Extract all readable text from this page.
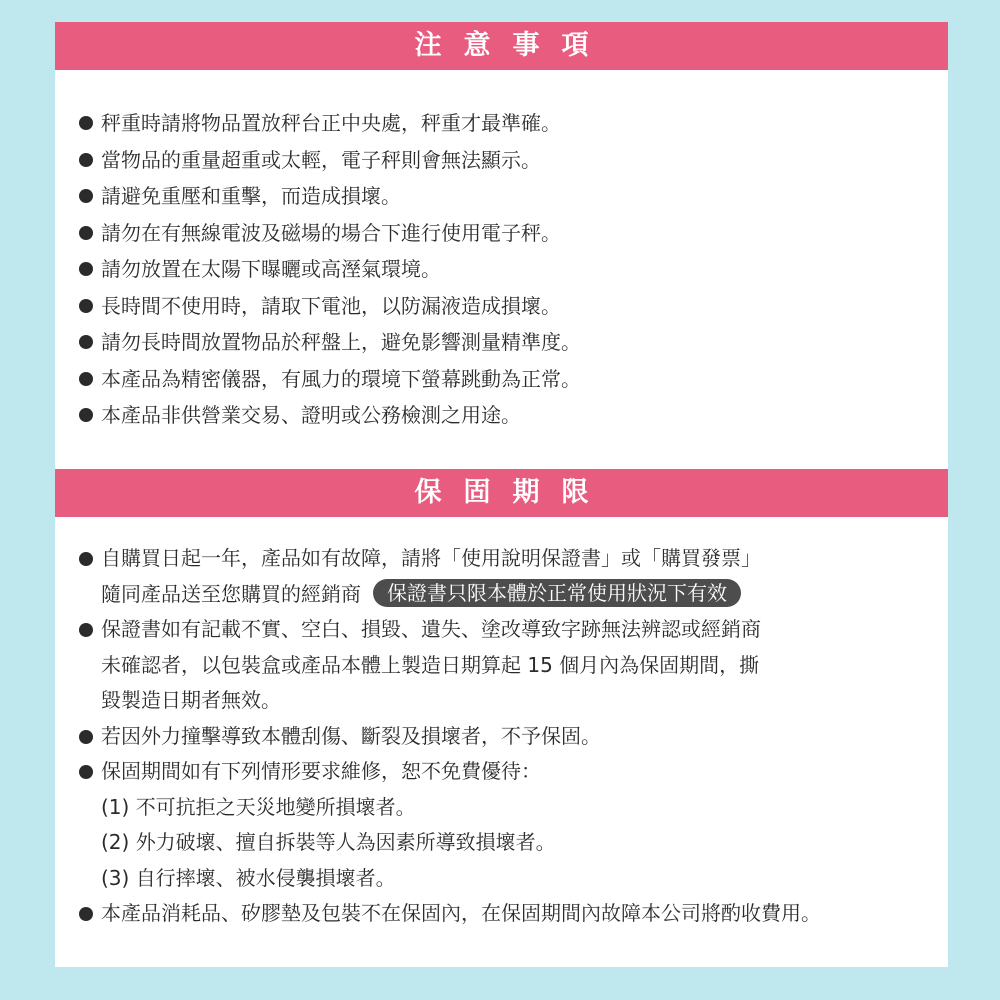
注意事項
秤重時請將物品置放秤台正中央處，秤重才最準確。
當物品的重量超重或太輕，電子秤則會無法顯示。
請避免重壓和重擊，而造成損壞。
請勿在有無線電波及磁場的場合下進行使用電子秤。
請勿放置在太陽下曝曬或高溼氣環境。
長時間不使用時，請取下電池，以防漏液造成損壞。
請勿長時間放置物品於秤盤上，避免影響測量精準度。
本產品為精密儀器，有風力的環境下螢幕跳動為正常。
本產品非供營業交易、證明或公務檢測之用途。
保固期限
自購買日起一年，產品如有故障，請將「使用說明保證書」或「購買發票」
隨同產品送至您購買的經銷商 保證書只限本體於正常使用狀況下有效
保證書如有記載不實、空白、損毀、遺失、塗改導致字跡無法辨認或經銷商
未確認者，以包裝盒或產品本體上製造日期算起 15 個月內為保固期間，撕
毀製造日期者無效。
若因外力撞擊導致本體刮傷、斷裂及損壞者，不予保固。
保固期間如有下列情形要求維修，恕不免費優待：
(1) 不可抗拒之天災地變所損壞者。
(2) 外力破壞、擅自拆裝等人為因素所導致損壞者。
(3) 自行摔壞、被水侵襲損壞者。
本產品消耗品、矽膠墊及包裝不在保固內，在保固期間內故障本公司將酌收費用。
